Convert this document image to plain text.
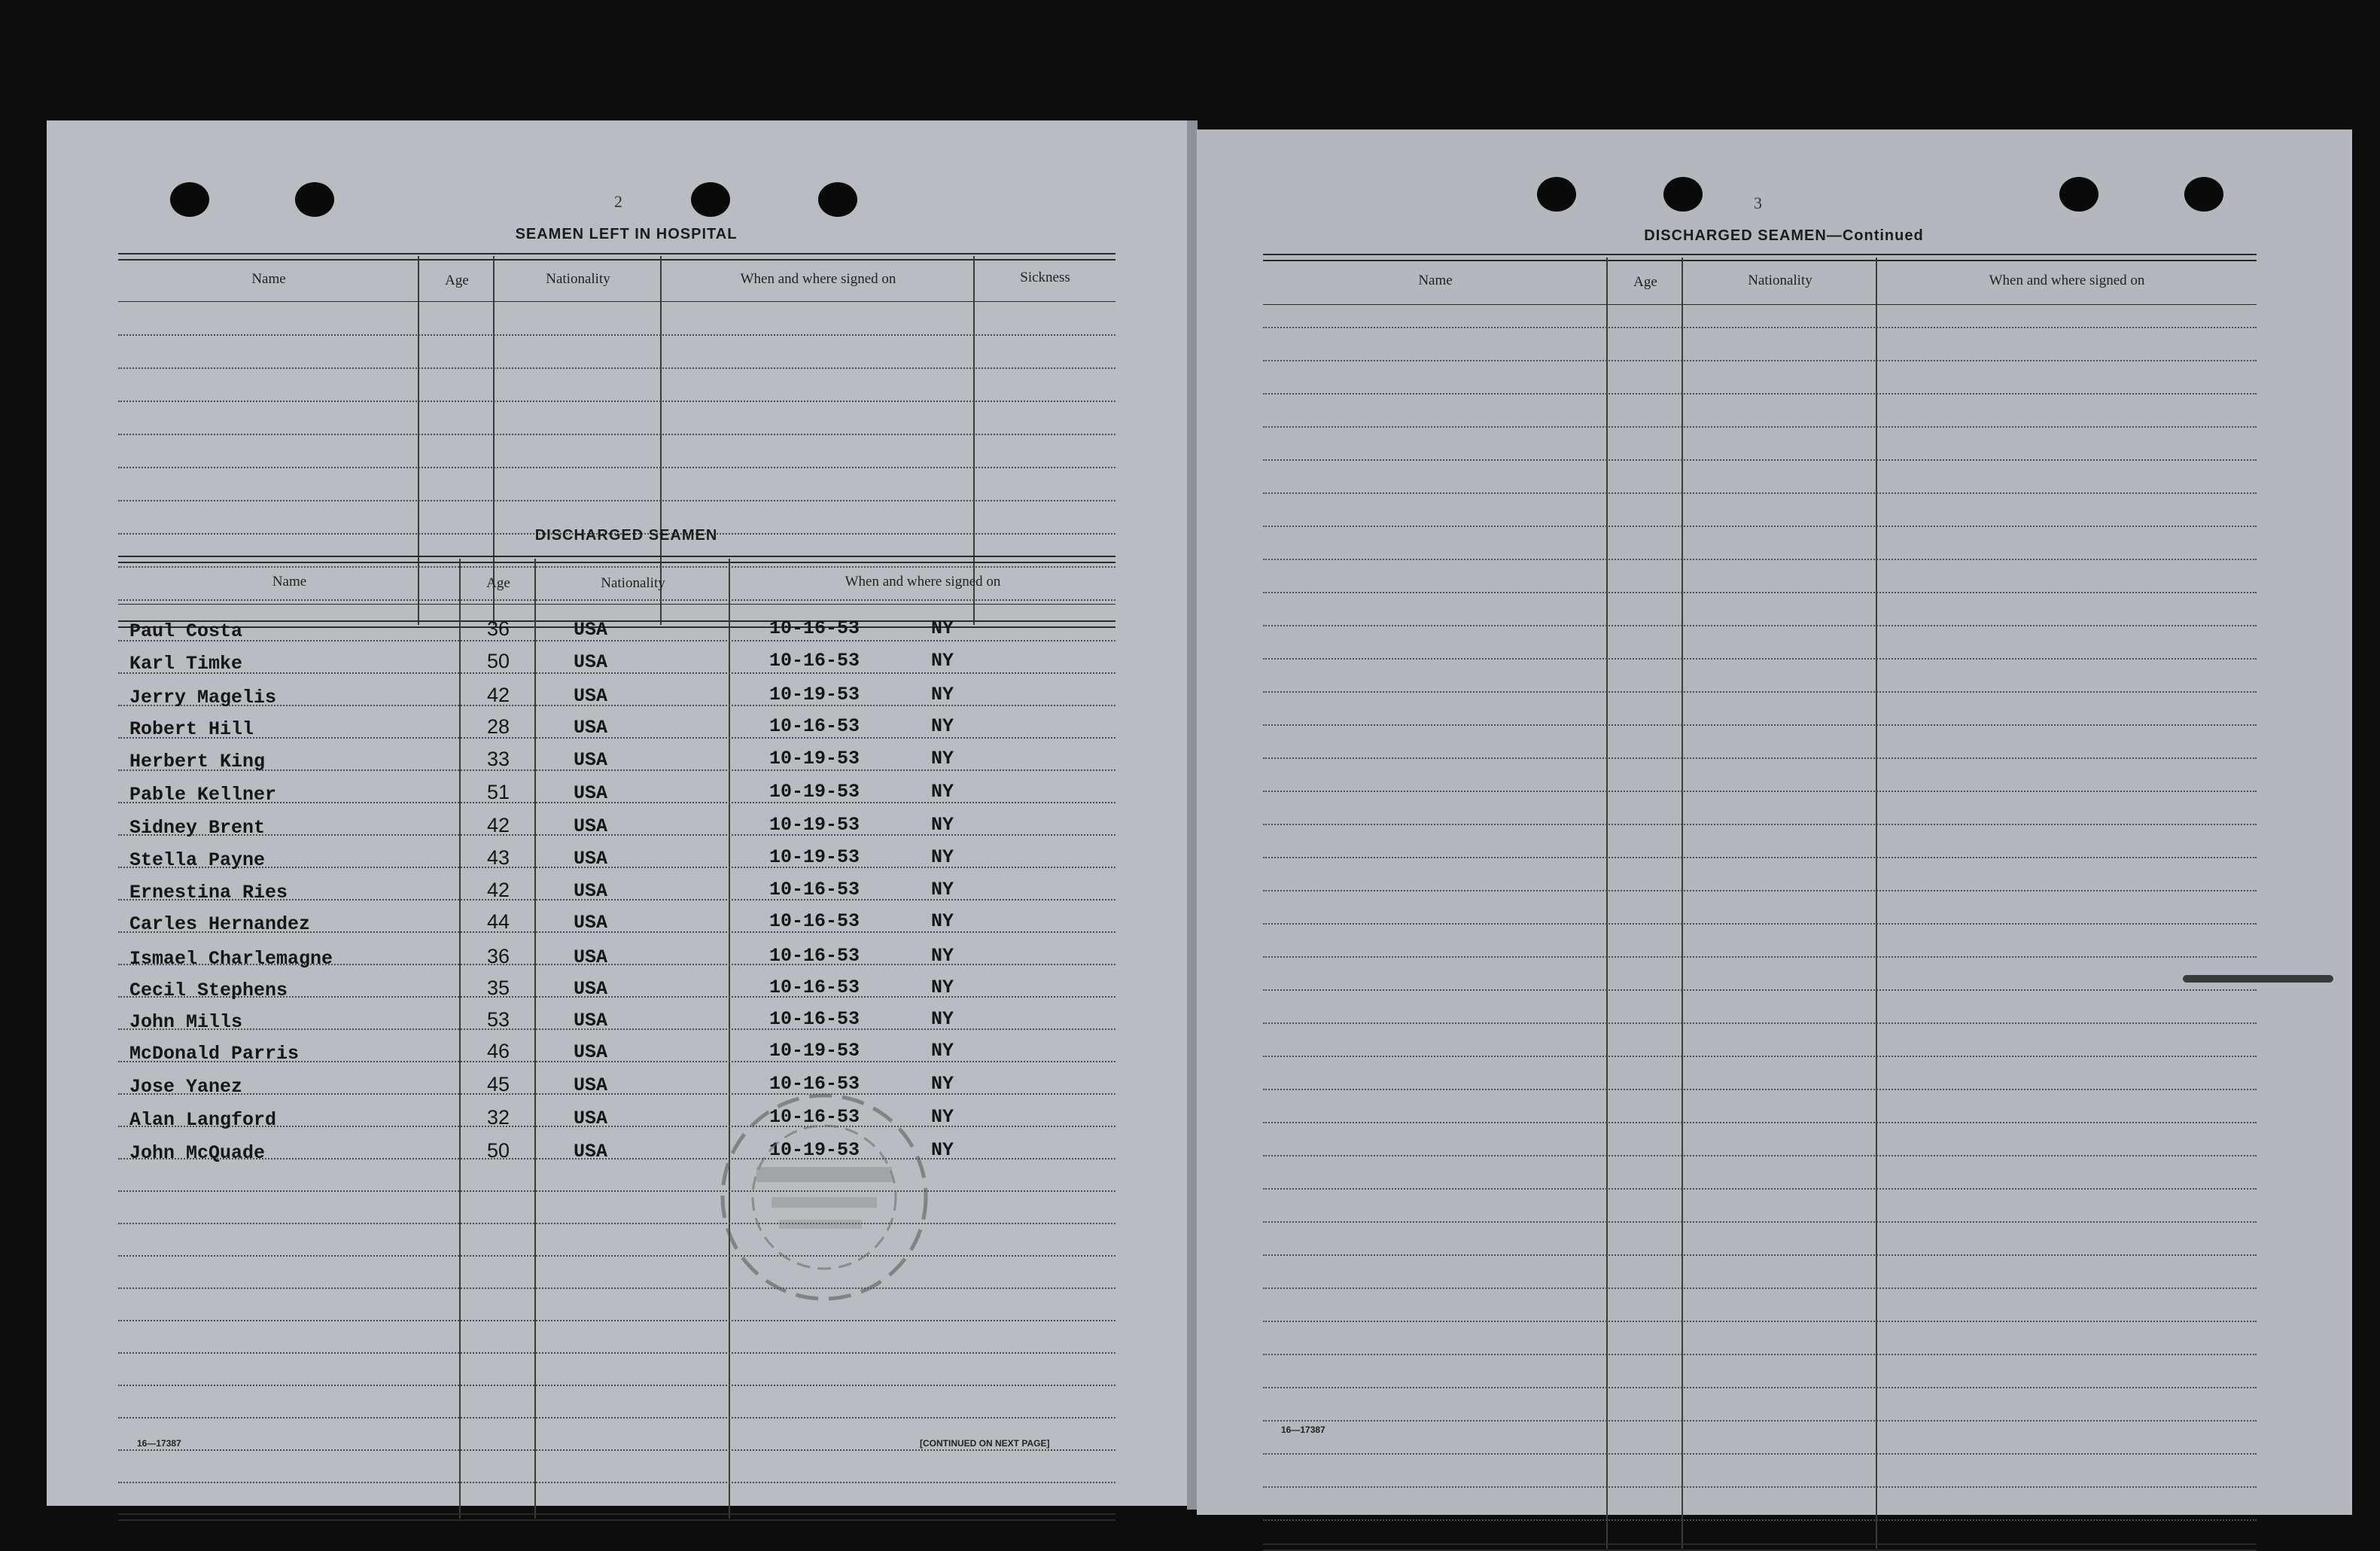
2
SEAMEN LEFT IN HOSPITAL
Name	Age	Nationality	When and where signed on	Sickness
DISCHARGED SEAMEN
Name	Age	Nationality	When and where signed on
Paul Costa	36	USA	10-16-53	NY
Karl Timke	50	USA	10-16-53	NY
Jerry Magelis	42	USA	10-19-53	NY
Robert Hill	28	USA	10-16-53	NY
Herbert King	33	USA	10-19-53	NY
Pable Kellner	51	USA	10-19-53	NY
Sidney Brent	42	USA	10-19-53	NY
Stella Payne	43	USA	10-19-53	NY
Ernestina Ries	42	USA	10-16-53	NY
Carles Hernandez	44	USA	10-16-53	NY
Ismael Charlemagne	36	USA	10-16-53	NY
Cecil Stephens	35	USA	10-16-53	NY
John Mills	53	USA	10-16-53	NY
McDonald Parris	46	USA	10-19-53	NY
Jose Yanez	45	USA	10-16-53	NY
Alan Langford	32	USA	10-16-53	NY
John McQuade	50	USA	10-19-53	NY
16—17387	[CONTINUED ON NEXT PAGE]
3
DISCHARGED SEAMEN—Continued
Name	Age	Nationality	When and where signed on
16—17387
